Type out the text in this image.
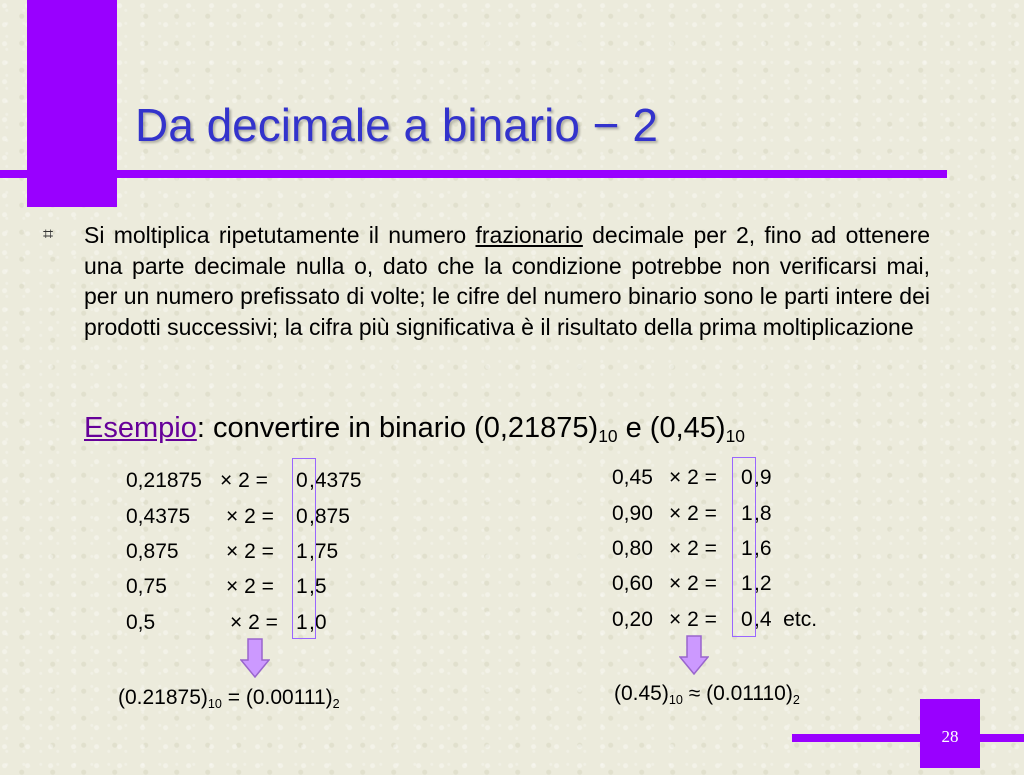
Da decimale a binario − 2
⌗ Si moltiplica ripetutamente il numero frazionario decimale per 2, fino ad ottenere una parte decimale nulla o, dato che la condizione potrebbe non verificarsi mai, per un numero prefissato di volte; le cifre del numero binario sono le parti intere dei prodotti successivi; la cifra più significativa è il risultato della prima moltiplicazione

Esempio: convertire in binario $(0,21875)_{10}$ e $(0,45)_{10}$

0,21875 × 2 = 0 ,4375
0,4375 × 2 = 0 ,875
0,875 × 2 = 1 ,75
0,75	× 2 = 1 ,5
0,5	× 2 = 1 ,0
$(0.21875)_{10} = (0.00111)_2$
0,45 × 2 = 0 ,9
0,90 × 2 = 1 ,8
0,80 × 2 = 1 ,6
0,60 × 2 = 1 ,2
0,20 × 2 = 0 ,4  etc.
$(0.45)_{10} \approx (0.01110)_2$
28
